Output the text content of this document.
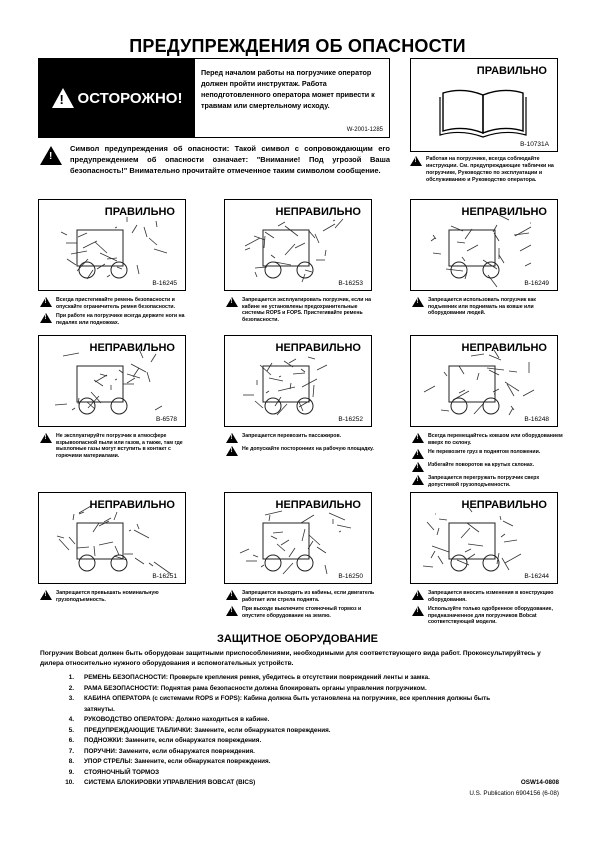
ПРЕДУПРЕЖДЕНИЯ ОБ ОПАСНОСТИ
! ОСТОРОЖНО!
Перед началом работы на погрузчике оператор должен пройти инструктаж. Работа неподготовленного оператора может привести к травмам или смертельному исходу.
W-2001-1285
ПРАВИЛЬНО
B-10731A
! Работая на погрузчике, всегда соблюдайте инструкции. См. предупреждающие таблички на погрузчике, Руководство по эксплуатации и обслуживанию и Руководство оператора.
!
Символ предупреждения об опасности: Такой символ с сопровождающим его предупреждением об опасности означает: "Внимание! Под угрозой Ваша безопасность!" Внимательно прочитайте отмеченное таким символом сообщение.
ПРАВИЛЬНО
B-16245
! Всегда пристегивайте ремень безопасности и опускайте ограничитель ремня безопасности.
! При работе на погрузчике всегда держите ноги на педалях или подножках.
НЕПРАВИЛЬНО
B-16253
! Запрещается эксплуатировать погрузчик, если на кабине не установлены предохранительные системы ROPS и FOPS. Пристегивайте ремень безопасности.
НЕПРАВИЛЬНО
B-16249
! Запрещается использовать погрузчик как подъемник или поднимать на ковше или оборудовании людей.
НЕПРАВИЛЬНО
B-6578
! Не эксплуатируйте погрузчик в атмосфере взрывоопасной пыли или газов, а также, там где выхлопные газы могут вступить в контакт с горючими материалами.
НЕПРАВИЛЬНО
B-16252
! Запрещается перевозить пассажиров.
! Не допускайте посторонних на рабочую площадку.
НЕПРАВИЛЬНО
B-16248
! Всегда перемещайтесь ковшом или оборудованием вверх по склону.
! Не перевозите груз в поднятом положении.
! Избегайте поворотов на крутых склонах.
! Запрещается перегружать погрузчик сверх допустимой грузоподъемности.
НЕПРАВИЛЬНО
B-16251
! Запрещается превышать номинальную грузоподъемность.
НЕПРАВИЛЬНО
B-16250
! Запрещается выходить из кабины, если двигатель работает или стрела поднята.
! При выходе выключите стояночный тормоз и опустите оборудование на землю.
НЕПРАВИЛЬНО
B-16244
! Запрещается вносить изменения в конструкцию оборудования.
! Используйте только одобренное оборудование, предназначенное для погрузчиков Bobcat соответствующей модели.
ЗАЩИТНОЕ ОБОРУДОВАНИЕ
Погрузчик Bobcat должен быть оборудован защитными приспособлениями, необходимыми для соответствующего вида работ. Проконсультируйтесь у дилера относительно нужного оборудования и вспомогательных устройств.
1.	РЕМЕНЬ БЕЗОПАСНОСТИ: Проверьте крепления ремня, убедитесь в отсутствии повреждений ленты и замка.
2.	РАМА БЕЗОПАСНОСТИ: Поднятая рама безопасности должна блокировать органы управления погрузчиком.
3.	КАБИНА ОПЕРАТОРА (с системами ROPS и FOPS): Кабина должна быть установлена на погрузчике, все крепления должны быть затянуты.
4.	РУКОВОДСТВО ОПЕРАТОРА: Должно находиться в кабине.
5.	ПРЕДУПРЕЖДАЮЩИЕ ТАБЛИЧКИ: Замените, если обнаружатся повреждения.
6.	ПОДНОЖКИ: Замените, если обнаружатся повреждения.
7.	ПОРУЧНИ: Замените, если обнаружатся повреждения.
8.	УПОР СТРЕЛЫ: Замените, если обнаружатся повреждения.
9.	СТОЯНОЧНЫЙ ТОРМОЗ
10.	СИСТЕМА БЛОКИРОВКИ УПРАВЛЕНИЯ BOBCAT (BICS)	OSW14-0808
U.S. Publication 6904156 (6-08)
